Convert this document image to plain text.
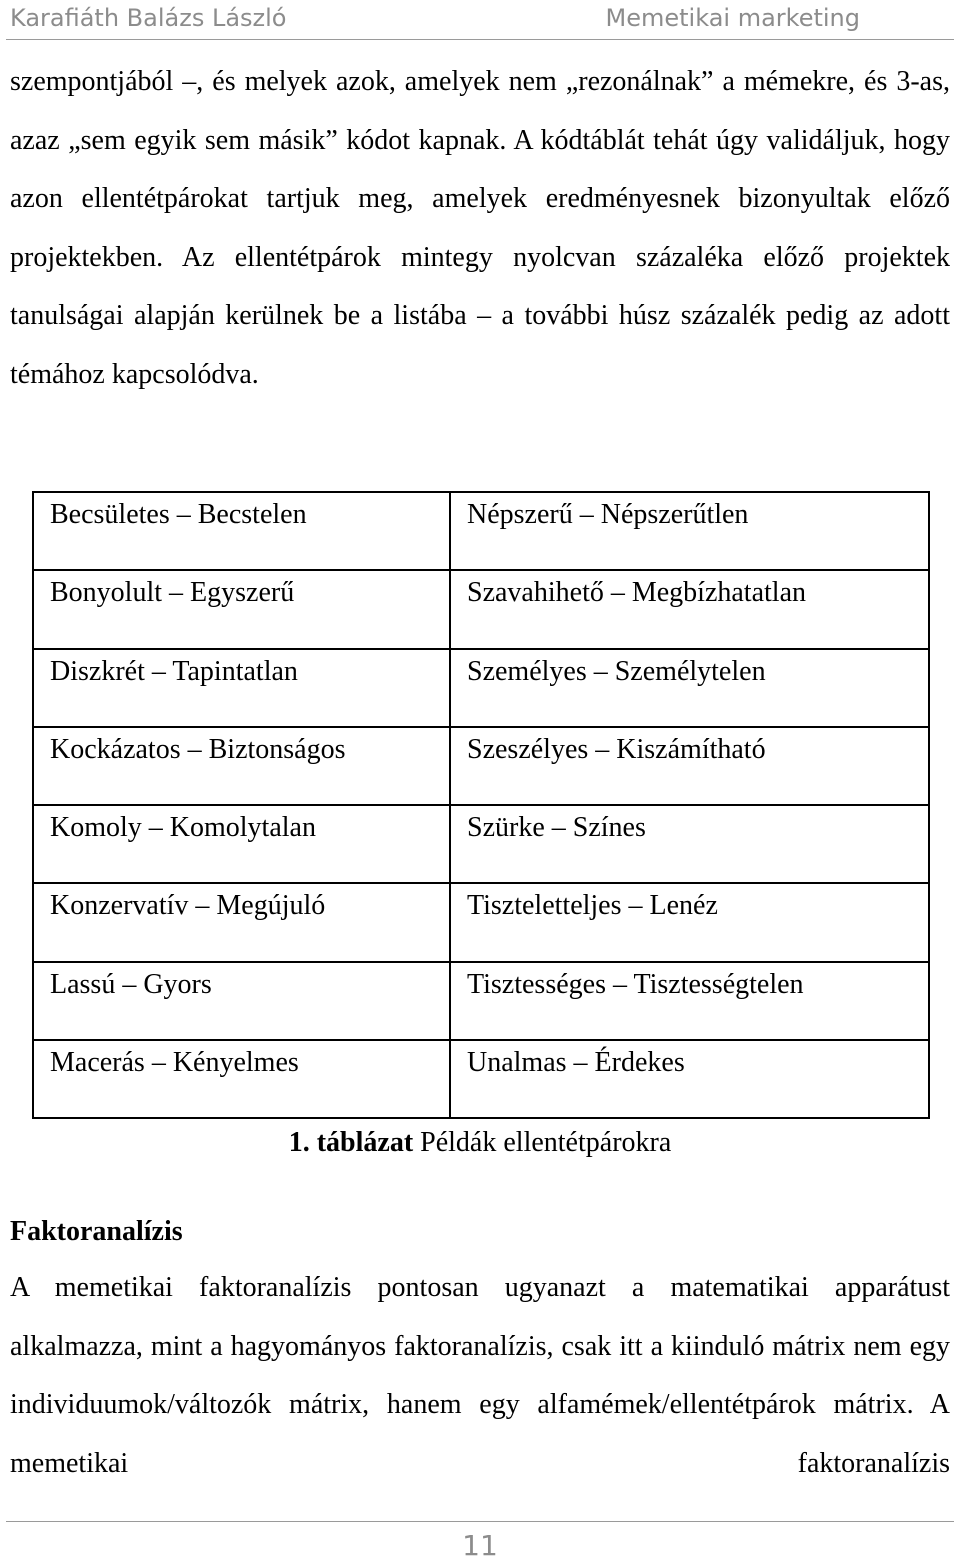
Karafiáth Balázs László	Memetikai marketing

szempontjából –, és melyek azok, amelyek nem „rezonálnak” a mémekre, és 3-as, azaz „sem egyik sem másik” kódot kapnak. A kódtáblát tehát úgy validáljuk, hogy azon ellentétpárokat tartjuk meg, amelyek eredményesnek bizonyultak előző projektekben. Az ellentétpárok mintegy nyolcvan százaléka előző projektek tanulságai alapján kerülnek be a listába – a további húsz százalék pedig az adott témához kapcsolódva.

Becsületes – Becstelen	Népszerű – Népszerűtlen
Bonyolult – Egyszerű	Szavahihető – Megbízhatatlan
Diszkrét – Tapintatlan	Személyes – Személytelen
Kockázatos – Biztonságos	Szeszélyes – Kiszámítható
Komoly – Komolytalan	Szürke – Színes
Konzervatív – Megújuló	Tiszteletteljes – Lenéz
Lassú – Gyors	Tisztességes – Tisztességtelen
Macerás – Kényelmes	Unalmas – Érdekes
1. táblázat Példák ellentétpárokra
Faktoranalízis

A memetikai faktoranalízis pontosan ugyanazt a matematikai apparátust alkalmazza, mint a hagyományos faktoranalízis, csak itt a kiinduló mátrix nem egy individuumok/változók mátrix, hanem egy alfamémek/ellentétpárok mátrix. A memetikai faktoranalízis

11
